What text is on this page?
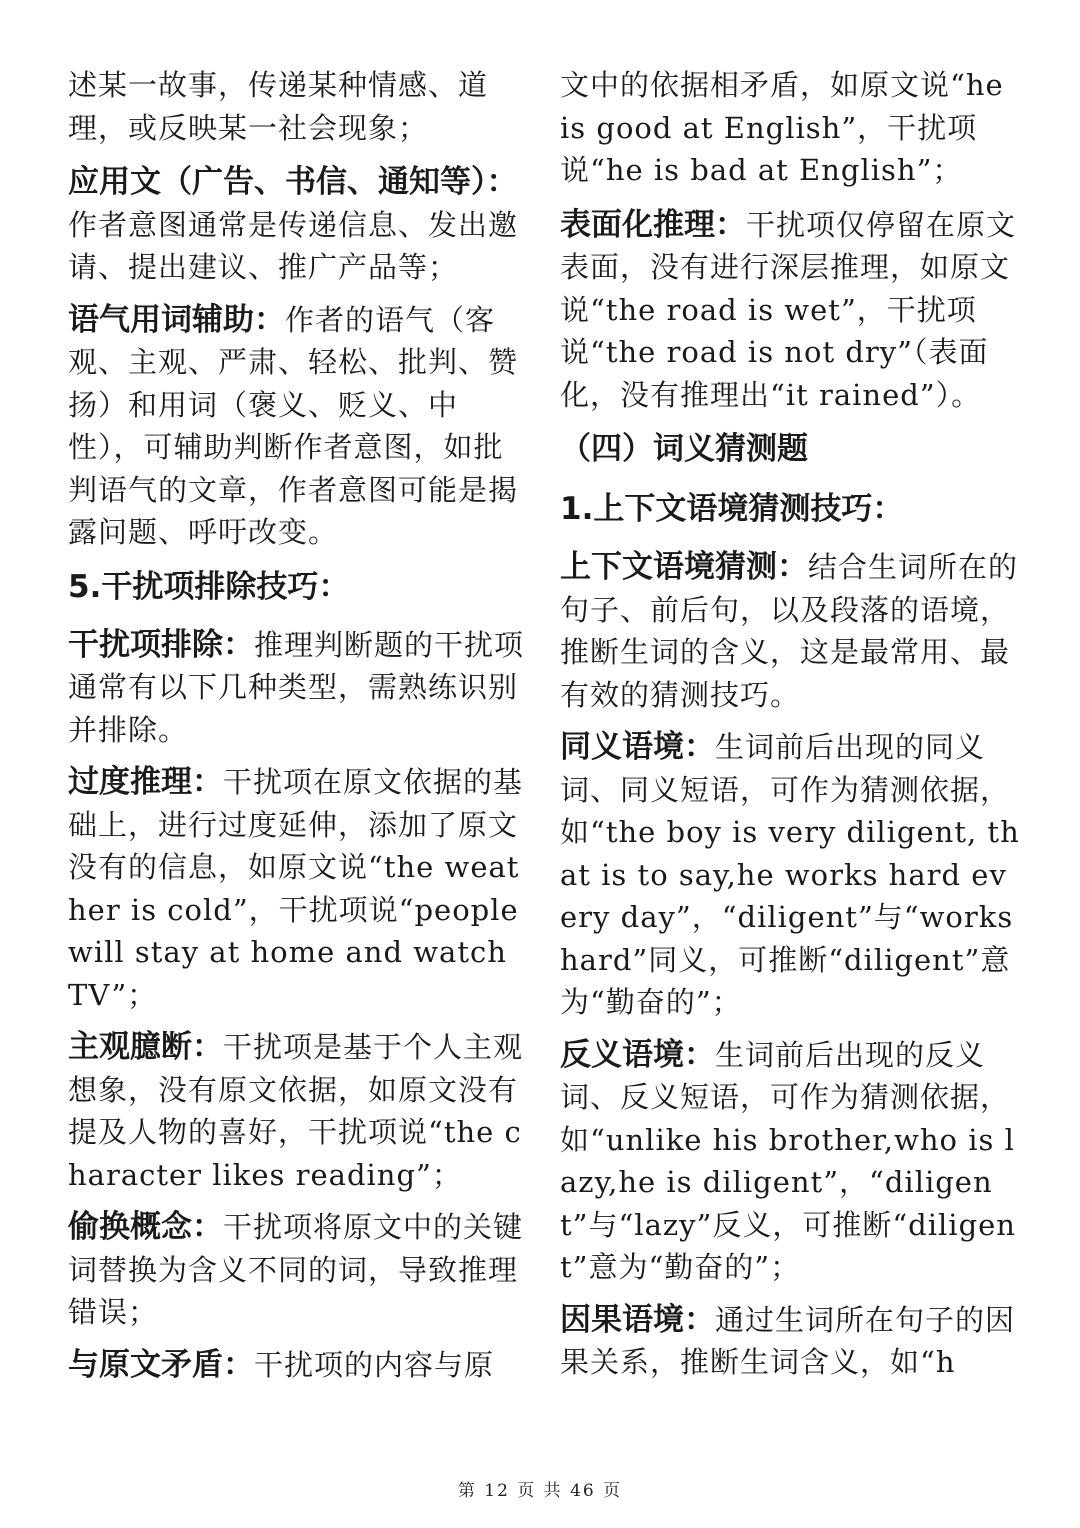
述某一故事，传递某种情感、道理，或反映某一社会现象；

应用文（广告、书信、通知等）：作者意图通常是传递信息、发出邀请、提出建议、推广产品等；

语气用词辅助：作者的语气（客观、主观、严肃、轻松、批判、赞扬）和用词（褒义、贬义、中性），可辅助判断作者意图，如批判语气的文章，作者意图可能是揭露问题、呼吁改变。

5.干扰项排除技巧：

干扰项排除：推理判断题的干扰项通常有以下几种类型，需熟练识别并排除。

过度推理：干扰项在原文依据的基础上，进行过度延伸，添加了原文没有的信息，如原文说“the weather is cold”，干扰项说“people will stay at home and watch TV”；

主观臆断：干扰项是基于个人主观想象，没有原文依据，如原文没有提及人物的喜好，干扰项说“the character likes reading”；

偷换概念：干扰项将原文中的关键词替换为含义不同的词，导致推理错误；

与原文矛盾：干扰项的内容与原

文中的依据相矛盾，如原文说“he is good at English”，干扰项说“he is bad at English”；

表面化推理：干扰项仅停留在原文表面，没有进行深层推理，如原文说“the road is wet”，干扰项说“the road is not dry”（表面化，没有推理出“it rained”）。

（四）词义猜测题
1.上下文语境猜测技巧：

上下文语境猜测：结合生词所在的句子、前后句，以及段落的语境，推断生词的含义，这是最常用、最有效的猜测技巧。

同义语境：生词前后出现的同义词、同义短语，可作为猜测依据，如“the boy is very diligent, that is to say,he works hard every day”，“diligent”与“works hard”同义，可推断“diligent”意为“勤奋的”；

反义语境：生词前后出现的反义词、反义短语，可作为猜测依据，如“unlike his brother,who is lazy,he is diligent”，“diligent”与“lazy”反义，可推断“diligent”意为“勤奋的”；

因果语境：通过生词所在句子的因果关系，推断生词含义，如“h

第 12 页 共 46 页
